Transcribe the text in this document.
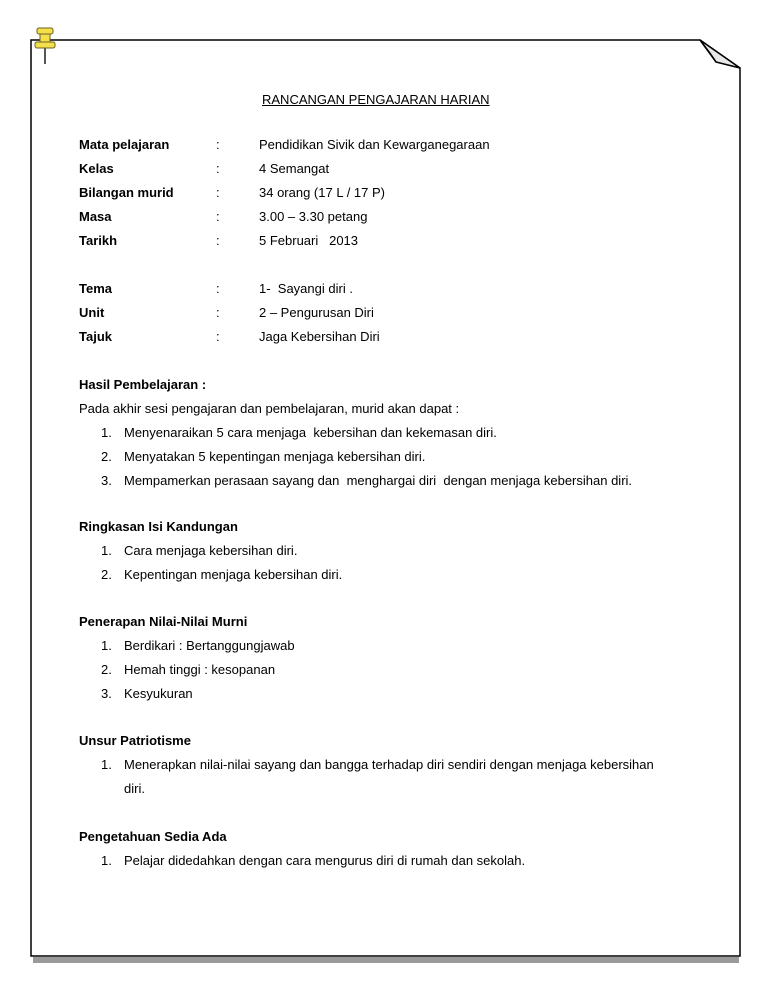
RANCANGAN PENGAJARAN HARIAN
Mata pelajaran	:	Pendidikan Sivik dan Kewarganegaraan
Kelas	:	4 Semangat
Bilangan murid	:	34 orang (17 L / 17 P)
Masa	:	3.00 – 3.30 petang
Tarikh	:	5 Februari   2013
Tema	:	1-  Sayangi diri .
Unit	:	2 – Pengurusan Diri
Tajuk	:	Jaga Kebersihan Diri
Hasil Pembelajaran :
Pada akhir sesi pengajaran dan pembelajaran, murid akan dapat :
1. Menyenaraikan 5 cara menjaga  kebersihan dan kekemasan diri.
2. Menyatakan 5 kepentingan menjaga kebersihan diri.
3. Mempamerkan perasaan sayang dan  menghargai diri  dengan menjaga kebersihan diri.
Ringkasan Isi Kandungan
1. Cara menjaga kebersihan diri.
2. Kepentingan menjaga kebersihan diri.
Penerapan Nilai-Nilai Murni
1. Berdikari : Bertanggungjawab
2. Hemah tinggi : kesopanan
3. Kesyukuran
Unsur Patriotisme
1. Menerapkan nilai-nilai sayang dan bangga terhadap diri sendiri dengan menjaga kebersihan
diri.
Pengetahuan Sedia Ada
1. Pelajar didedahkan dengan cara mengurus diri di rumah dan sekolah.
